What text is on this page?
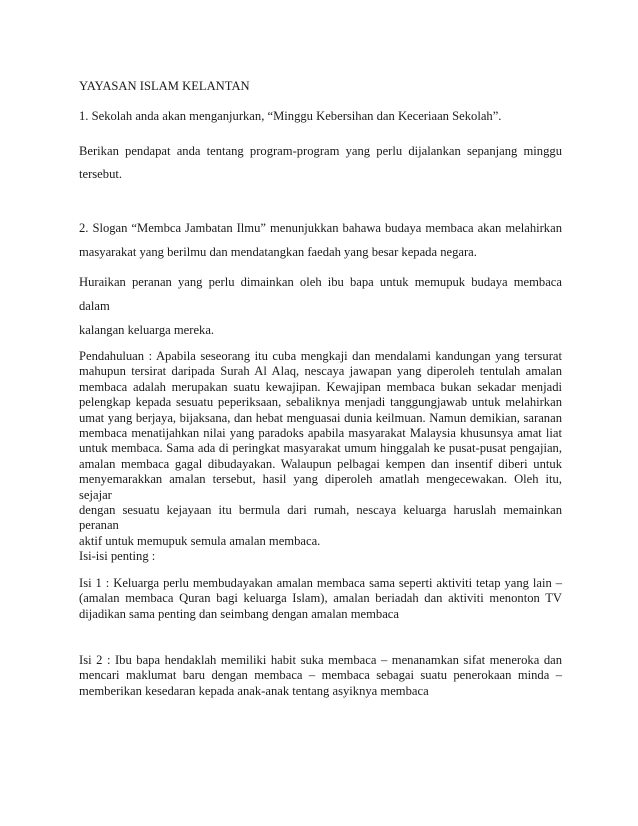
YAYASAN ISLAM KELANTAN
1. Sekolah anda akan menganjurkan, “Minggu Kebersihan dan Keceriaan Sekolah”.
Berikan pendapat anda tentang program-program yang perlu dijalankan sepanjang minggu
tersebut.
2. Slogan “Membca Jambatan Ilmu” menunjukkan bahawa budaya membaca akan melahirkan
masyarakat yang berilmu dan mendatangkan faedah yang besar kepada negara.
Huraikan peranan yang perlu dimainkan oleh ibu bapa untuk memupuk budaya membaca dalam
kalangan keluarga mereka.
Pendahuluan : Apabila seseorang itu cuba mengkaji dan mendalami kandungan yang tersurat
mahupun tersirat daripada Surah Al Alaq, nescaya jawapan yang diperoleh tentulah amalan
membaca adalah merupakan suatu kewajipan. Kewajipan membaca bukan sekadar menjadi
pelengkap kepada sesuatu peperiksaan, sebaliknya menjadi tanggungjawab untuk melahirkan
umat yang berjaya, bijaksana, dan hebat menguasai dunia keilmuan. Namun demikian, saranan
membaca menatijahkan nilai yang paradoks apabila masyarakat Malaysia khusunsya amat liat
untuk membaca. Sama ada di peringkat masyarakat umum hinggalah ke pusat-pusat pengajian,
amalan membaca gagal dibudayakan. Walaupun pelbagai kempen dan insentif diberi untuk
menyemarakkan amalan tersebut, hasil yang diperoleh amatlah mengecewakan. Oleh itu, sejajar
dengan sesuatu kejayaan itu bermula dari rumah, nescaya keluarga haruslah memainkan peranan
aktif untuk memupuk semula amalan membaca.
Isi-isi penting :
Isi 1 : Keluarga perlu membudayakan amalan membaca sama seperti aktiviti tetap yang lain –
(amalan membaca Quran bagi keluarga Islam), amalan beriadah dan aktiviti menonton TV
dijadikan sama penting dan seimbang dengan amalan membaca
Isi 2 : Ibu bapa hendaklah memiliki habit suka membaca – menanamkan sifat meneroka dan
mencari maklumat baru dengan membaca – membaca sebagai suatu penerokaan minda –
memberikan kesedaran kepada anak-anak tentang asyiknya membaca
